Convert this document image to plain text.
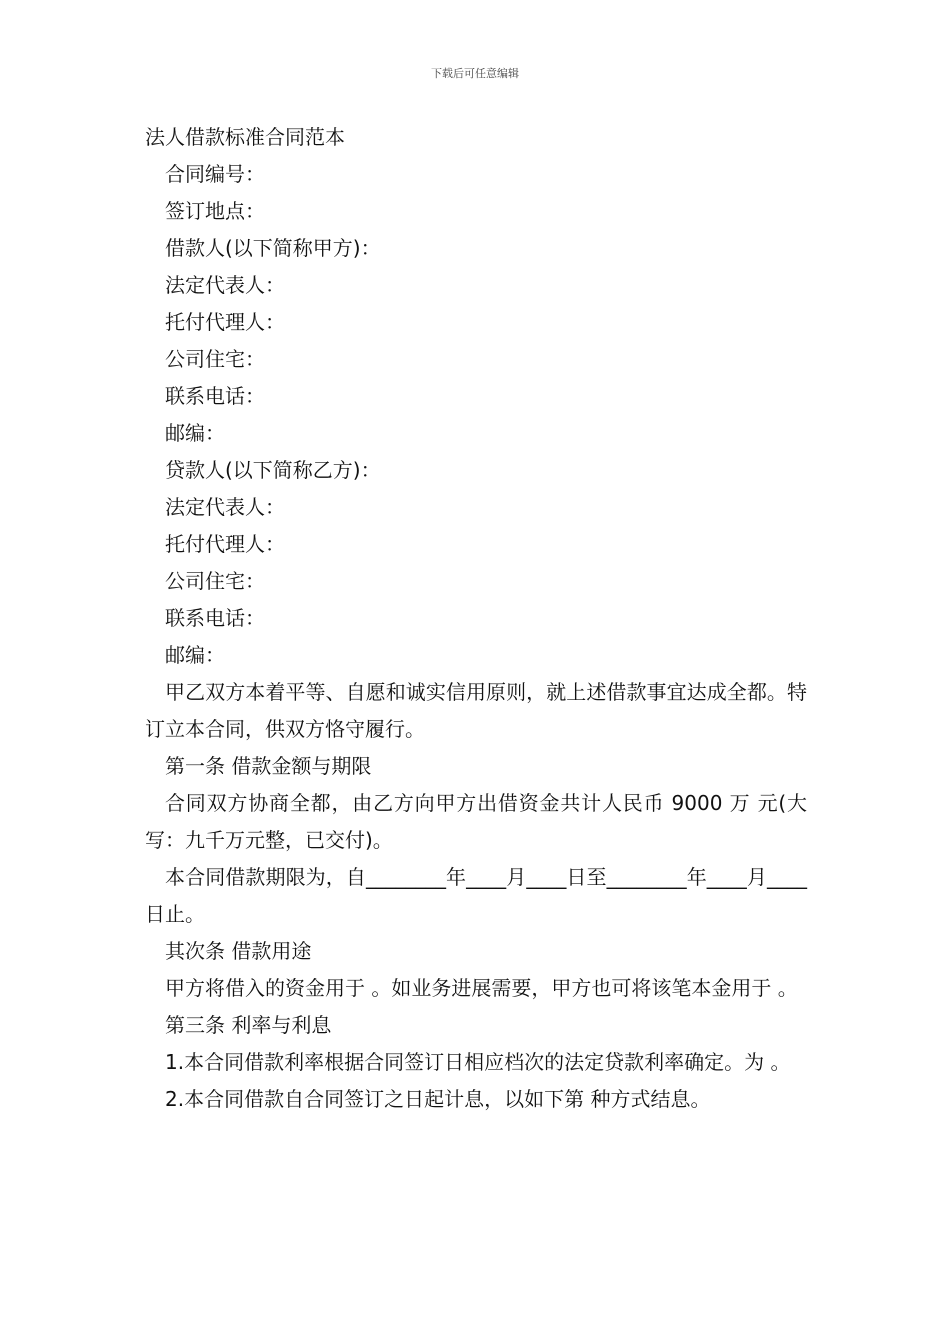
下载后可任意编辑
法人借款标准合同范本
合同编号：
签订地点：
借款人(以下简称甲方)：
法定代表人：
托付代理人：
公司住宅：
联系电话：
邮编：
贷款人(以下简称乙方)：
法定代表人：
托付代理人：
公司住宅：
联系电话：
邮编：
甲乙双方本着平等、自愿和诚实信用原则，就上述借款事宜达成全都。特订立本合同，供双方恪守履行。
第一条 借款金额与期限
合同双方协商全都，由乙方向甲方出借资金共计人民币 9000 万 元(大写：九千万元整，已交付)。
本合同借款期限为，自________年____月____日至________年____月____日止。
其次条 借款用途
甲方将借入的资金用于 。如业务进展需要，甲方也可将该笔本金用于 。
第三条 利率与利息
1.本合同借款利率根据合同签订日相应档次的法定贷款利率确定。为 。
2.本合同借款自合同签订之日起计息，以如下第 种方式结息。
